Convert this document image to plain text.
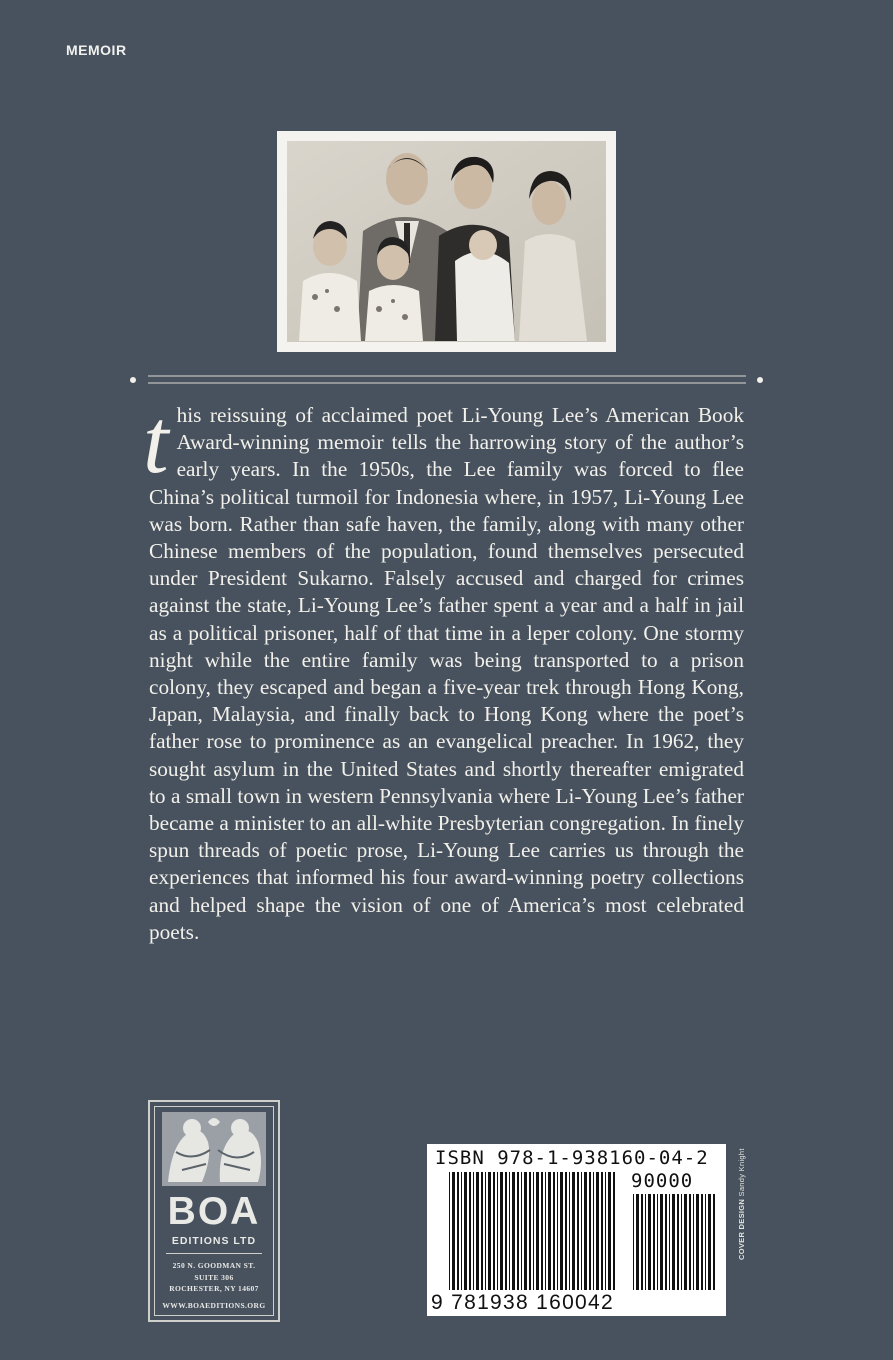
MEMOIR
this reissuing of acclaimed poet Li-Young Lee’s American Book Award-winning memoir tells the harrowing story of the author’s early years. In the 1950s, the Lee family was forced to flee China’s political turmoil for Indonesia where, in 1957, Li-Young Lee was born. Rather than safe haven, the family, along with many other Chinese members of the population, found themselves persecuted under President Sukarno. Falsely accused and charged for crimes against the state, Li-Young Lee’s father spent a year and a half in jail as a political prisoner, half of that time in a leper colony. One stormy night while the entire family was being transported to a prison colony, they escaped and began a five-year trek through Hong Kong, Japan, Malaysia, and finally back to Hong Kong where the poet’s father rose to prominence as an evangelical preacher. In 1962, they sought asylum in the United States and shortly thereafter emigrated to a small town in western Pennsylvania where Li-Young Lee’s father became a minister to an all-white Presbyterian congregation. In finely spun threads of poetic prose, Li-Young Lee carries us through the experiences that informed his four award-winning poetry collections and helped shape the vision of one of America’s most celebrated poets.
BOA
EDITIONS LTD
250 N. GOODMAN ST.
SUITE 306
ROCHESTER, NY 14607
WWW.BOAEDITIONS.ORG
ISBN 978-1-938160-04-2
90000
9 781938 160042
COVER DESIGN Sandy Knight
